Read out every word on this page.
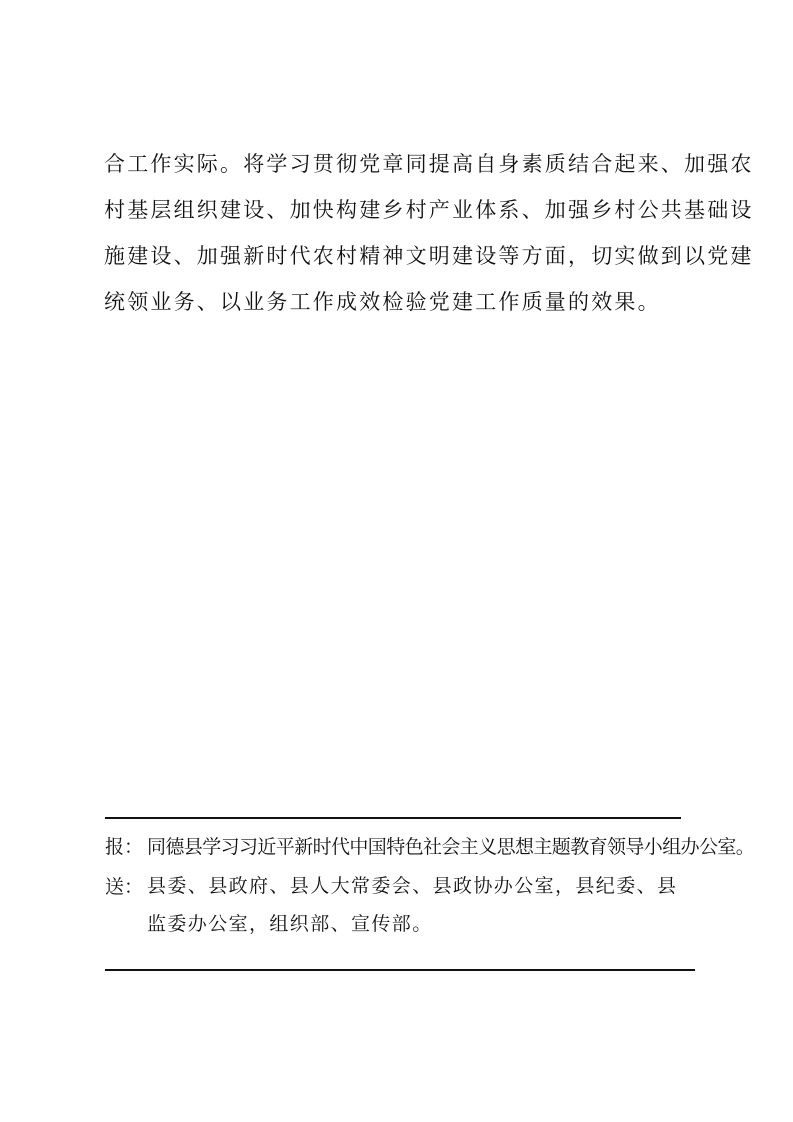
合工作实际。将学习贯彻党章同提高自身素质结合起来、加强农
村基层组织建设、加快构建乡村产业体系、加强乡村公共基础设
施建设、加强新时代农村精神文明建设等方面，切实做到以党建
统领业务、以业务工作成效检验党建工作质量的效果。
报： 同德县学习习近平新时代中国特色社会主义思想主题教育领导小组办公室。
送： 县委、县政府、县人大常委会、县政协办公室，县纪委、县
监委办公室，组织部、宣传部。
